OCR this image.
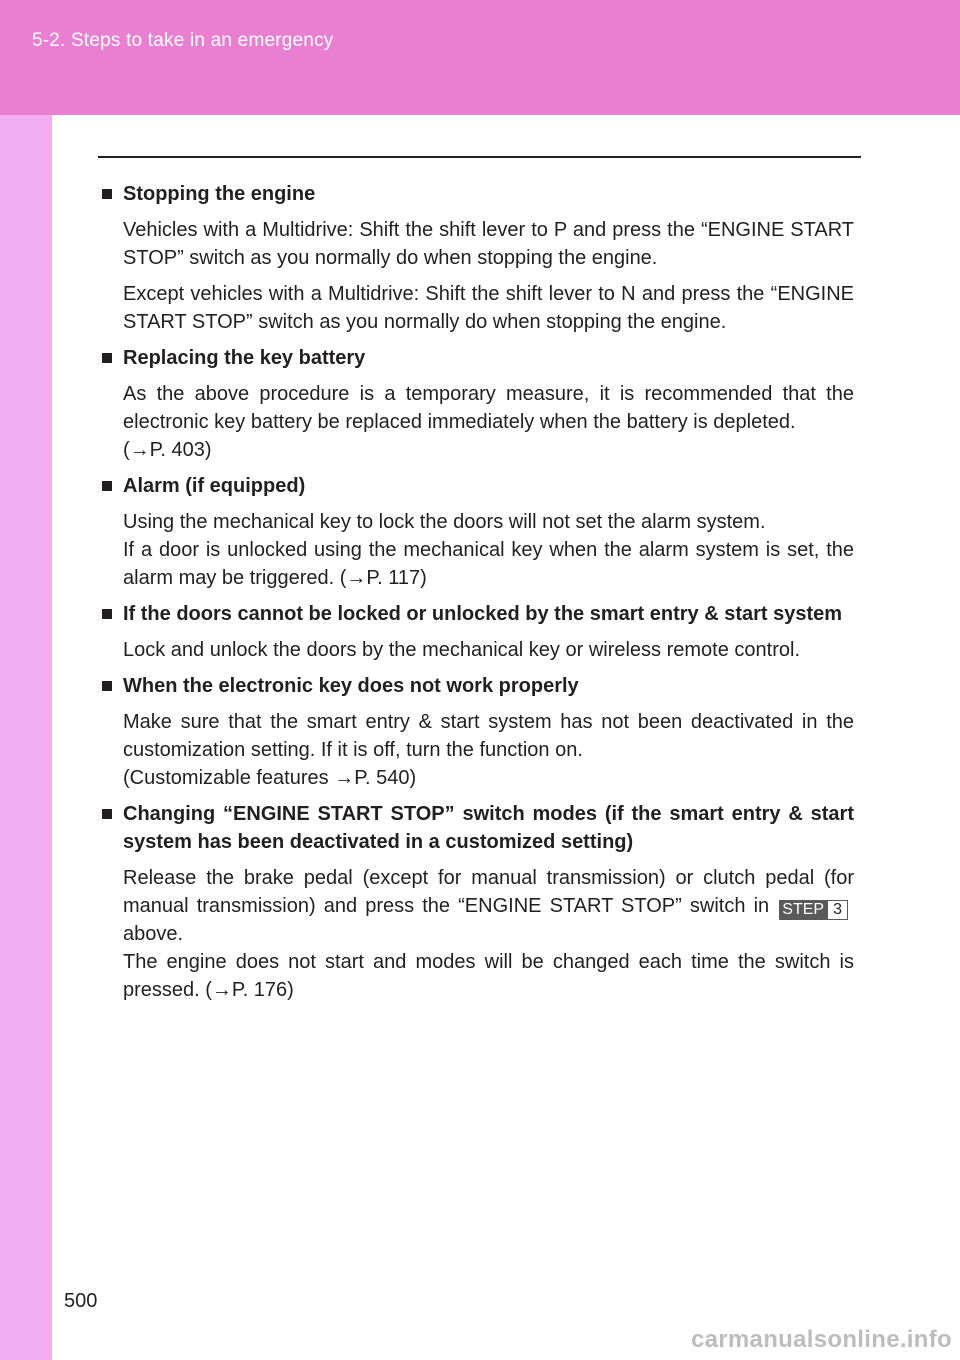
5-2. Steps to take in an emergency
Stopping the engine
Vehicles with a Multidrive: Shift the shift lever to P and press the “ENGINE START STOP” switch as you normally do when stopping the engine.
Except vehicles with a Multidrive: Shift the shift lever to N and press the “ENGINE START STOP” switch as you normally do when stopping the engine.
Replacing the key battery
As the above procedure is a temporary measure, it is recommended that the electronic key battery be replaced immediately when the battery is depleted.
(→P. 403)
Alarm (if equipped)
Using the mechanical key to lock the doors will not set the alarm system.
If a door is unlocked using the mechanical key when the alarm system is set, the alarm may be triggered. (→P. 117)
If the doors cannot be locked or unlocked by the smart entry & start system
Lock and unlock the doors by the mechanical key or wireless remote control.
When the electronic key does not work properly
Make sure that the smart entry & start system has not been deactivated in the customization setting. If it is off, turn the function on.
(Customizable features →P. 540)
Changing “ENGINE START STOP” switch modes (if the smart entry & start system has been deactivated in a customized setting)
Release the brake pedal (except for manual transmission) or clutch pedal (for manual transmission) and press the “ENGINE START STOP” switch in STEP 3
above.
The engine does not start and modes will be changed each time the switch is pressed. (→P. 176)
500
carmanualsonline.info
